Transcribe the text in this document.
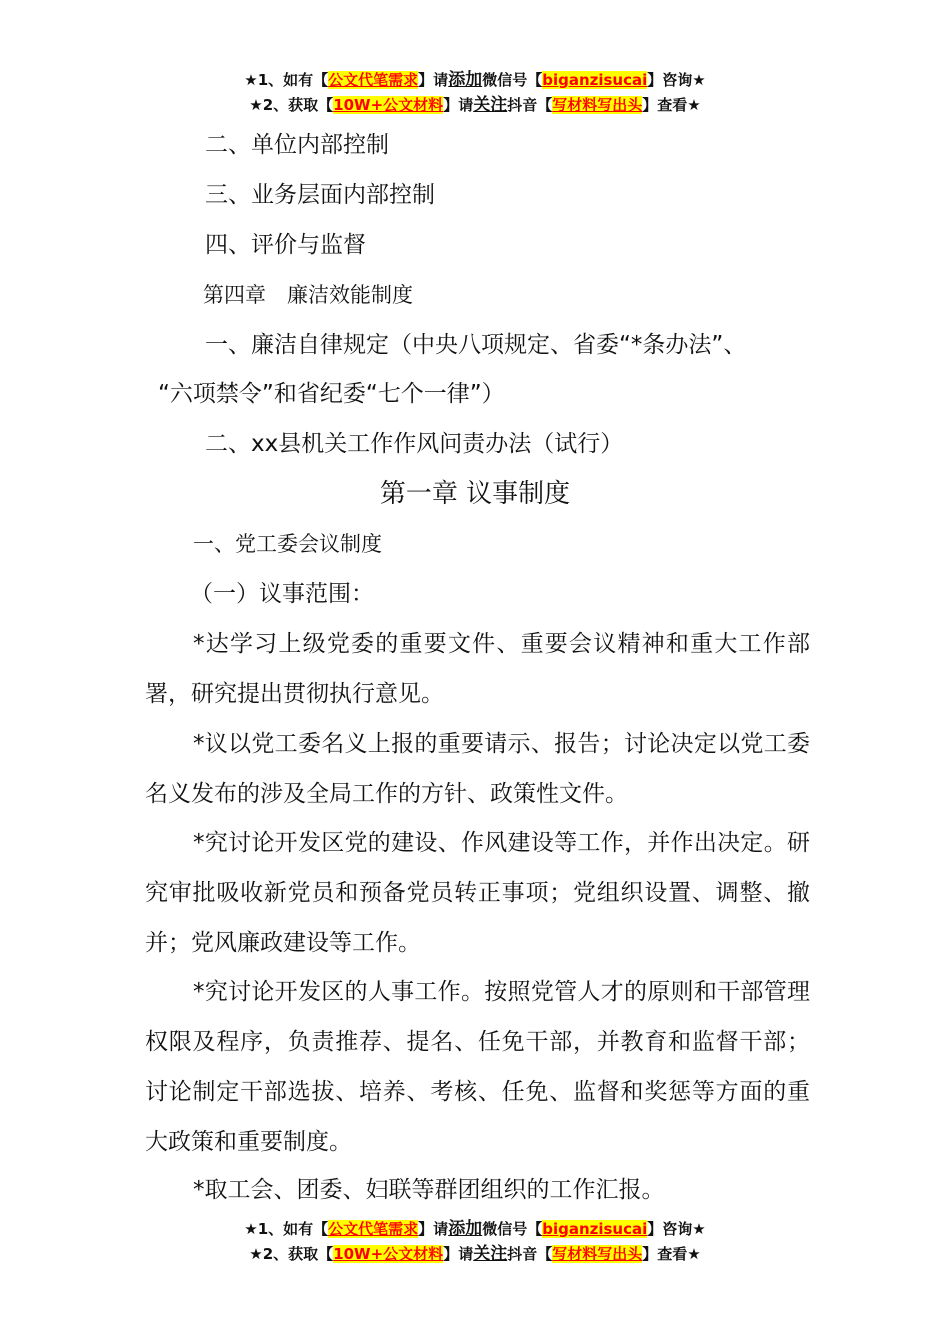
★1、如有【公文代笔需求】请添加微信号【biganzisucai】咨询★
★2、获取【10W+公文材料】请关注抖音【写材料写出头】查看★
二、单位内部控制
三、业务层面内部控制
四、评价与监督
第四章　廉洁效能制度
一、廉洁自律规定（中央八项规定、省委“*条办法”、
“六项禁令”和省纪委“七个一律”）
二、xx县机关工作作风问责办法（试行）
第一章 议事制度
一、党工委会议制度
（一）议事范围：
*达学习上级党委的重要文件、重要会议精神和重大工作部署，研究提出贯彻执行意见。
*议以党工委名义上报的重要请示、报告；讨论决定以党工委名义发布的涉及全局工作的方针、政策性文件。
*究讨论开发区党的建设、作风建设等工作，并作出决定。研究审批吸收新党员和预备党员转正事项；党组织设置、调整、撤并；党风廉政建设等工作。
*究讨论开发区的人事工作。按照党管人才的原则和干部管理权限及程序，负责推荐、提名、任免干部，并教育和监督干部；讨论制定干部选拔、培养、考核、任免、监督和奖惩等方面的重大政策和重要制度。
*取工会、团委、妇联等群团组织的工作汇报。
★1、如有【公文代笔需求】请添加微信号【biganzisucai】咨询★
★2、获取【10W+公文材料】请关注抖音【写材料写出头】查看★
